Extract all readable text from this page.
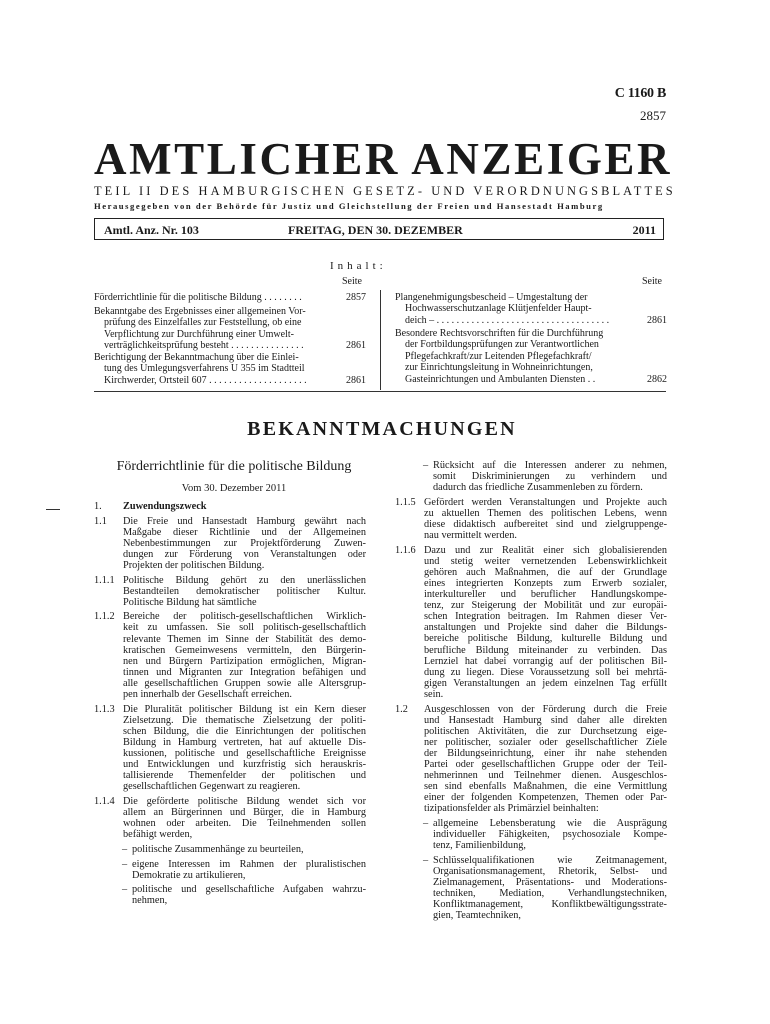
C 1160 B
2857
AMTLICHER ANZEIGER
TEIL II DES HAMBURGISCHEN GESETZ- UND VERORDNUNGSBLATTES
Herausgegeben von der Behörde für Justiz und Gleichstellung der Freien und Hansestadt Hamburg
Amtl. Anz. Nr. 103	FREITAG, DEN 30. DEZEMBER	2011
Inhalt:
Seite	Seite
Förderrichtlinie für die politische Bildung . . . . . . . .	2857
Bekanntgabe des Ergebnisses einer allgemeinen Vor-
prüfung des Einzelfalles zur Feststellung, ob eine
Verpflichtung zur Durchführung einer Umwelt-
verträglichkeitsprüfung besteht . . . . . . . . . . . . . . .	2861
Berichtigung der Bekanntmachung über die Einlei-
tung des Umlegungsverfahrens U 355 im Stadtteil
Kirchwerder, Ortsteil 607 . . . . . . . . . . . . . . . . . . . .	2861
Plangenehmigungsbescheid – Umgestaltung der
Hochwasserschutzanlage Klütjenfelder Haupt-
deich – . . . . . . . . . . . . . . . . . . . . . . . . . . . . . . . . . . .	2861
Besondere Rechtsvorschriften für die Durchführung
der Fortbildungsprüfungen zur Verantwortlichen
Pflegefachkraft/zur Leitenden Pflegefachkraft/
zur Einrichtungsleitung in Wohneinrichtungen,
Gasteinrichtungen und Ambulanten Diensten . .	2862
BEKANNTMACHUNGEN
Förderrichtlinie für die politische Bildung
Vom 30. Dezember 2011
1. Zuwendungszweck
1.1 Die Freie und Hansestadt Hamburg gewährt nach
Maßgabe dieser Richtlinie und der Allgemeinen
Nebenbestimmungen zur Projektförderung Zuwen-
dungen zur Förderung von Veranstaltungen oder
Projekten der politischen Bildung.
1.1.1 Politische Bildung gehört zu den unerlässlichen
Bestandteilen demokratischer politischer Kultur.
Politische Bildung hat sämtliche
1.1.2 Bereiche der politisch-gesellschaftlichen Wirklich-
keit zu umfassen. Sie soll politisch-gesellschaftlich
relevante Themen im Sinne der Stabilität des demo-
kratischen Gemeinwesens vermitteln, den Bürgerin-
nen und Bürgern Partizipation ermöglichen, Migran-
tinnen und Migranten zur Integration befähigen und
alle gesellschaftlichen Gruppen sowie alle Altersgrup-
pen innerhalb der Gesellschaft erreichen.
1.1.3 Die Pluralität politischer Bildung ist ein Kern dieser
Zielsetzung. Die thematische Zielsetzung der politi-
schen Bildung, die die Einrichtungen der politischen
Bildung in Hamburg vertreten, hat auf aktuelle Dis-
kussionen, politische und gesellschaftliche Ereignisse
und Entwicklungen und kurzfristig sich herauskris-
tallisierende Themenfelder der politischen und
gesellschaftlichen Gegenwart zu reagieren.
1.1.4 Die geförderte politische Bildung wendet sich vor
allem an Bürgerinnen und Bürger, die in Hamburg
wohnen oder arbeiten. Die Teilnehmenden sollen
befähigt werden,
– politische Zusammenhänge zu beurteilen,
– eigene Interessen im Rahmen der pluralistischen
Demokratie zu artikulieren,
– politische und gesellschaftliche Aufgaben wahrzu-
nehmen,
– Rücksicht auf die Interessen anderer zu nehmen,
somit Diskriminierungen zu verhindern und
dadurch das friedliche Zusammenleben zu fördern.
1.1.5 Gefördert werden Veranstaltungen und Projekte auch
zu aktuellen Themen des politischen Lebens, wenn
diese didaktisch aufbereitet sind und zielgruppenge-
nau vermittelt werden.
1.1.6 Dazu und zur Realität einer sich globalisierenden
und stetig weiter vernetzenden Lebenswirklichkeit
gehören auch Maßnahmen, die auf der Grundlage
eines integrierten Konzepts zum Erwerb sozialer,
interkultureller und beruflicher Handlungskompe-
tenz, zur Steigerung der Mobilität und zur europäi-
schen Integration beitragen. Im Rahmen dieser Ver-
anstaltungen und Projekte sind daher die Bildungs-
bereiche politische Bildung, kulturelle Bildung und
berufliche Bildung miteinander zu verbinden. Das
Lernziel hat dabei vorrangig auf der politischen Bil-
dung zu liegen. Diese Voraussetzung soll bei mehrtä-
gigen Veranstaltungen an jedem einzelnen Tag erfüllt
sein.
1.2 Ausgeschlossen von der Förderung durch die Freie
und Hansestadt Hamburg sind daher alle direkten
politischen Aktivitäten, die zur Durchsetzung eige-
ner politischer, sozialer oder gesellschaftlicher Ziele
der Bildungseinrichtung, einer ihr nahe stehenden
Partei oder gesellschaftlichen Gruppe oder der Teil-
nehmerinnen und Teilnehmer dienen. Ausgeschlos-
sen sind ebenfalls Maßnahmen, die eine Vermittlung
einer der folgenden Kompetenzen, Themen oder Par-
tizipationsfelder als Primärziel beinhalten:
– allgemeine Lebensberatung wie die Ausprägung
individueller Fähigkeiten, psychosoziale Kompe-
tenz, Familienbildung,
– Schlüsselqualifikationen wie Zeitmanagement,
Organisationsmanagement, Rhetorik, Selbst- und
Zielmanagement, Präsentations- und Moderations-
techniken, Mediation, Verhandlungstechniken,
Konfliktmanagement, Konfliktbewältigungsstrate-
gien, Teamtechniken,
